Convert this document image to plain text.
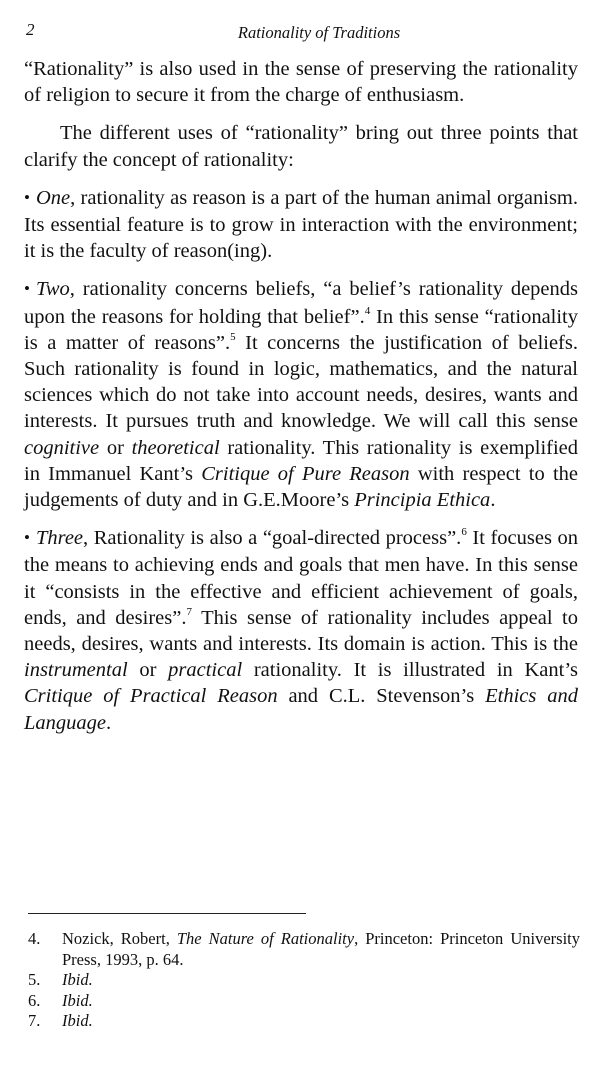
2	Rationality of Traditions

“Rationality” is also used in the sense of preserving the rationality of religion to secure it from the charge of enthusiasm.

The different uses of “rationality” bring out three points that clarify the concept of rationality:

• One, rationality as reason is a part of the human animal organism. Its essential feature is to grow in interaction with the environment; it is the faculty of reason(ing).

• Two, rationality concerns beliefs, “a belief’s rationality depends upon the reasons for holding that belief”.$^4$ In this sense “rationality is a matter of reasons”.$^5$ It concerns the justification of beliefs. Such rationality is found in logic, mathematics, and the natural sciences which do not take into account needs, desires, wants and interests. It pursues truth and knowledge. We will call this sense cognitive or theoretical rationality. This rationality is exemplified in Immanuel Kant’s Critique of Pure Reason with respect to the judgements of duty and in G.E.Moore’s Principia Ethica.

• Three, Rationality is also a “goal-directed process”.$^6$ It focuses on the means to achieving ends and goals that men have. In this sense it “consists in the effective and efficient achievement of goals, ends, and desires”.$^7$ This sense of rationality includes appeal to needs, desires, wants and interests. Its domain is action. This is the instrumental or practical rationality. It is illustrated in Kant’s Critique of Practical Reason and C.L. Stevenson’s Ethics and Language.

4.	Nozick, Robert, The Nature of Rationality, Princeton: Princeton University Press, 1993, p. 64.

5.	Ibid.

6.	Ibid.

7.	Ibid.
